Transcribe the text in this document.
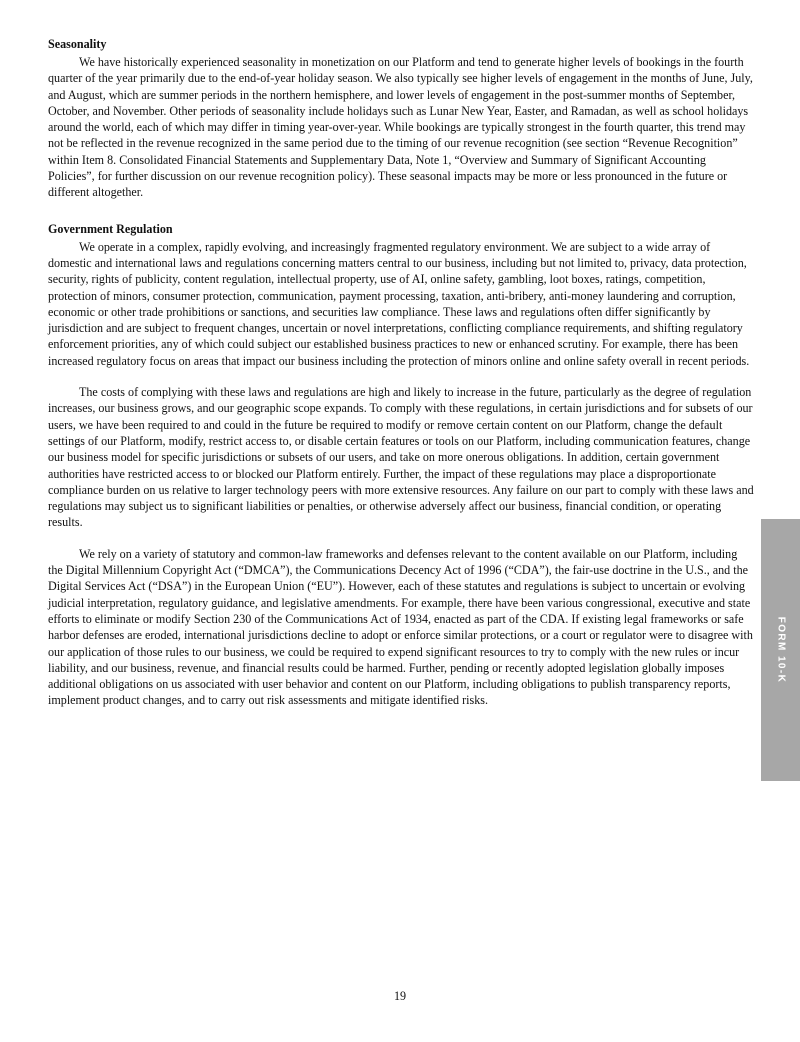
Seasonality

We have historically experienced seasonality in monetization on our Platform and tend to generate higher levels of bookings in the fourth quarter of the year primarily due to the end-of-year holiday season. We also typically see higher levels of engagement in the months of June, July, and August, which are summer periods in the northern hemisphere, and lower levels of engagement in the post-summer months of September, October, and November. Other periods of seasonality include holidays such as Lunar New Year, Easter, and Ramadan, as well as school holidays around the world, each of which may differ in timing year-over-year. While bookings are typically strongest in the fourth quarter, this trend may not be reflected in the revenue recognized in the same period due to the timing of our revenue recognition (see section “Revenue Recognition” within Item 8. Consolidated Financial Statements and Supplementary Data, Note 1, “Overview and Summary of Significant Accounting Policies”, for further discussion on our revenue recognition policy). These seasonal impacts may be more or less pronounced in the future or different altogether.

Government Regulation

We operate in a complex, rapidly evolving, and increasingly fragmented regulatory environment. We are subject to a wide array of domestic and international laws and regulations concerning matters central to our business, including but not limited to, privacy, data protection, security, rights of publicity, content regulation, intellectual property, use of AI, online safety, gambling, loot boxes, ratings, competition, protection of minors, consumer protection, communication, payment processing, taxation, anti-bribery, anti-money laundering and corruption, economic or other trade prohibitions or sanctions, and securities law compliance. These laws and regulations often differ significantly by jurisdiction and are subject to frequent changes, uncertain or novel interpretations, conflicting compliance requirements, and shifting regulatory enforcement priorities, any of which could subject our established business practices to new or enhanced scrutiny. For example, there has been increased regulatory focus on areas that impact our business including the protection of minors online and online safety overall in recent periods.

The costs of complying with these laws and regulations are high and likely to increase in the future, particularly as the degree of regulation increases, our business grows, and our geographic scope expands. To comply with these regulations, in certain jurisdictions and for subsets of our users, we have been required to and could in the future be required to modify or remove certain content on our Platform, change the default settings of our Platform, modify, restrict access to, or disable certain features or tools on our Platform, including communication features, change our business model for specific jurisdictions or subsets of our users, and take on more onerous obligations. In addition, certain government authorities have restricted access to or blocked our Platform entirely. Further, the impact of these regulations may place a disproportionate compliance burden on us relative to larger technology peers with more extensive resources. Any failure on our part to comply with these laws and regulations may subject us to significant liabilities or penalties, or otherwise adversely affect our business, financial condition, or operating results.

We rely on a variety of statutory and common-law frameworks and defenses relevant to the content available on our Platform, including the Digital Millennium Copyright Act (“DMCA”), the Communications Decency Act of 1996 (“CDA”), the fair-use doctrine in the U.S., and the Digital Services Act (“DSA”) in the European Union (“EU”). However, each of these statutes and regulations is subject to uncertain or evolving judicial interpretation, regulatory guidance, and legislative amendments. For example, there have been various congressional, executive and state efforts to eliminate or modify Section 230 of the Communications Act of 1934, enacted as part of the CDA. If existing legal frameworks or safe harbor defenses are eroded, international jurisdictions decline to adopt or enforce similar protections, or a court or regulator were to disagree with our application of those rules to our business, we could be required to expend significant resources to try to comply with the new rules or incur liability, and our business, revenue, and financial results could be harmed. Further, pending or recently adopted legislation globally imposes additional obligations on us associated with user behavior and content on our Platform, including obligations to publish transparency reports, implement product changes, and to carry out risk assessments and mitigate identified risks.

FORM 10-K
19
